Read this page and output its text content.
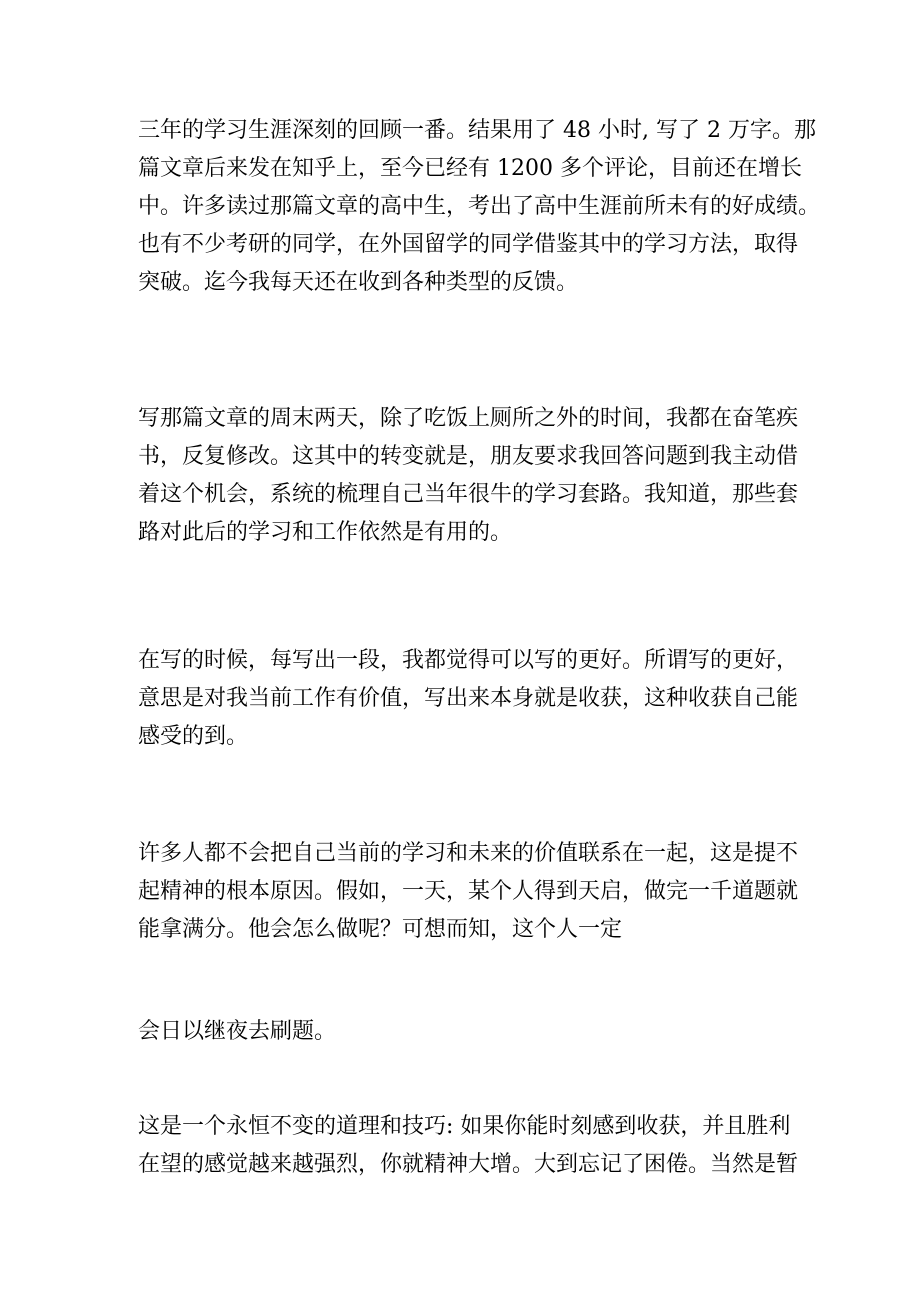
三年的学习生涯深刻的回顾一番。结果用了 48 小时, 写了 2 万字。那
篇文章后来发在知乎上，至今已经有 1200 多个评论，目前还在增长
中。许多读过那篇文章的高中生，考出了高中生涯前所未有的好成绩。
也有不少考研的同学，在外国留学的同学借鉴其中的学习方法，取得
突破。迄今我每天还在收到各种类型的反馈。

写那篇文章的周末两天，除了吃饭上厕所之外的时间，我都在奋笔疾
书，反复修改。这其中的转变就是，朋友要求我回答问题到我主动借
着这个机会，系统的梳理自己当年很牛的学习套路。我知道，那些套
路对此后的学习和工作依然是有用的。

在写的时候，每写出一段，我都觉得可以写的更好。所谓写的更好，
意思是对我当前工作有价值，写出来本身就是收获，这种收获自己能
感受的到。

许多人都不会把自己当前的学习和未来的价值联系在一起，这是提不
起精神的根本原因。假如，一天，某个人得到天启，做完一千道题就
能拿满分。他会怎么做呢？可想而知，这个人一定

会日以继夜去刷题。

这是一个永恒不变的道理和技巧: 如果你能时刻感到收获，并且胜利
在望的感觉越来越强烈，你就精神大增。大到忘记了困倦。当然是暂
